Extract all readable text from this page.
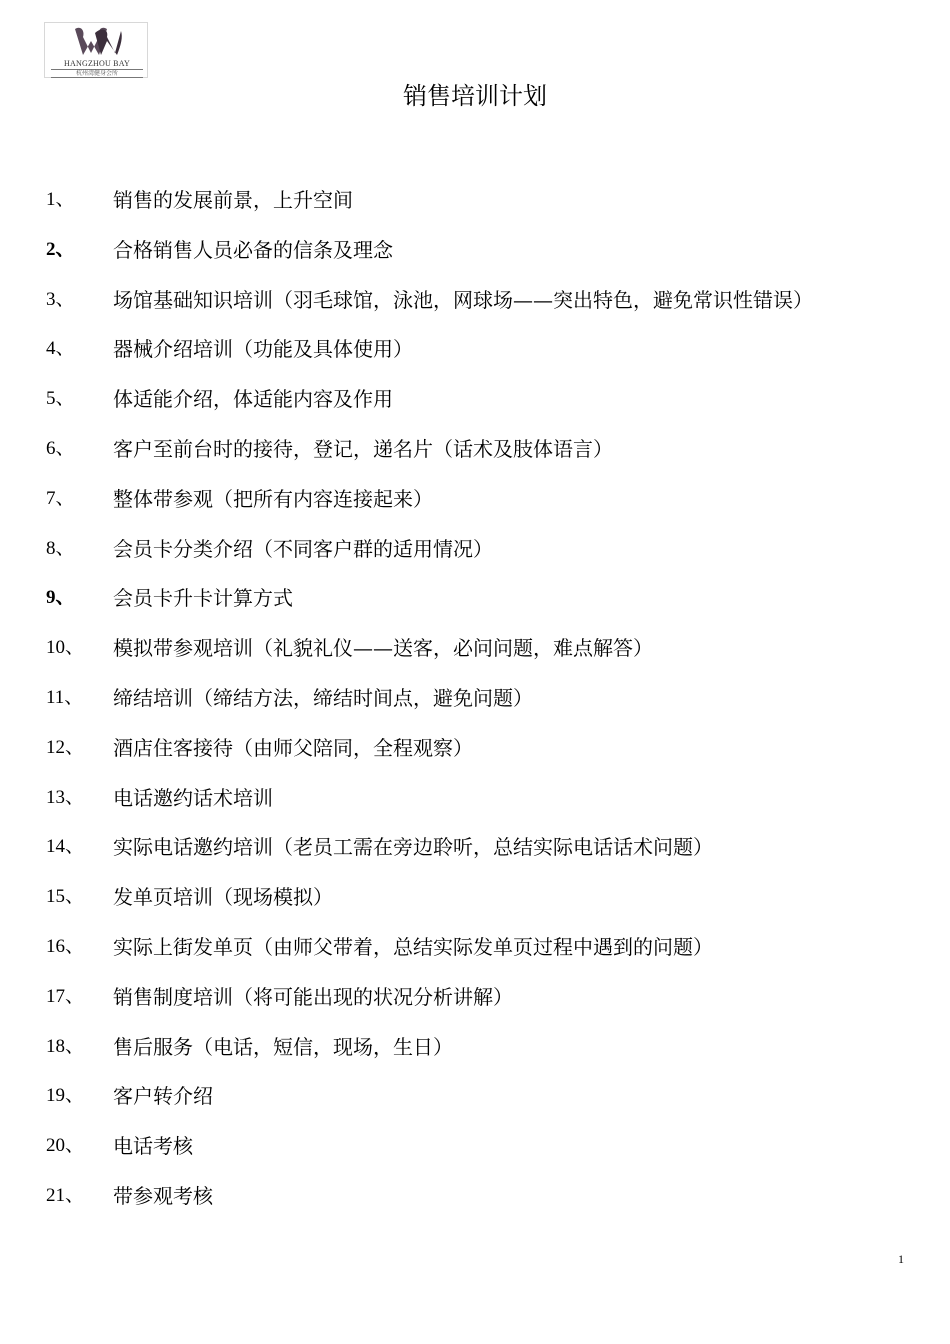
HANGZHOU BAY
杭州湾健身会所
销售培训计划
1、 销售的发展前景，上升空间
2、 合格销售人员必备的信条及理念
3、 场馆基础知识培训（羽毛球馆，泳池，网球场——突出特色，避免常识性错误）
4、 器械介绍培训（功能及具体使用）
5、 体适能介绍，体适能内容及作用
6、 客户至前台时的接待，登记，递名片（话术及肢体语言）
7、 整体带参观（把所有内容连接起来）
8、 会员卡分类介绍（不同客户群的适用情况）
9、 会员卡升卡计算方式
10、 模拟带参观培训（礼貌礼仪——送客，必问问题，难点解答）
11、 缔结培训（缔结方法，缔结时间点，避免问题）
12、 酒店住客接待（由师父陪同，全程观察）
13、 电话邀约话术培训
14、 实际电话邀约培训（老员工需在旁边聆听，总结实际电话话术问题）
15、 发单页培训（现场模拟）
16、 实际上街发单页（由师父带着，总结实际发单页过程中遇到的问题）
17、 销售制度培训（将可能出现的状况分析讲解）
18、 售后服务（电话，短信，现场，生日）
19、 客户转介绍
20、 电话考核
21、 带参观考核
1
